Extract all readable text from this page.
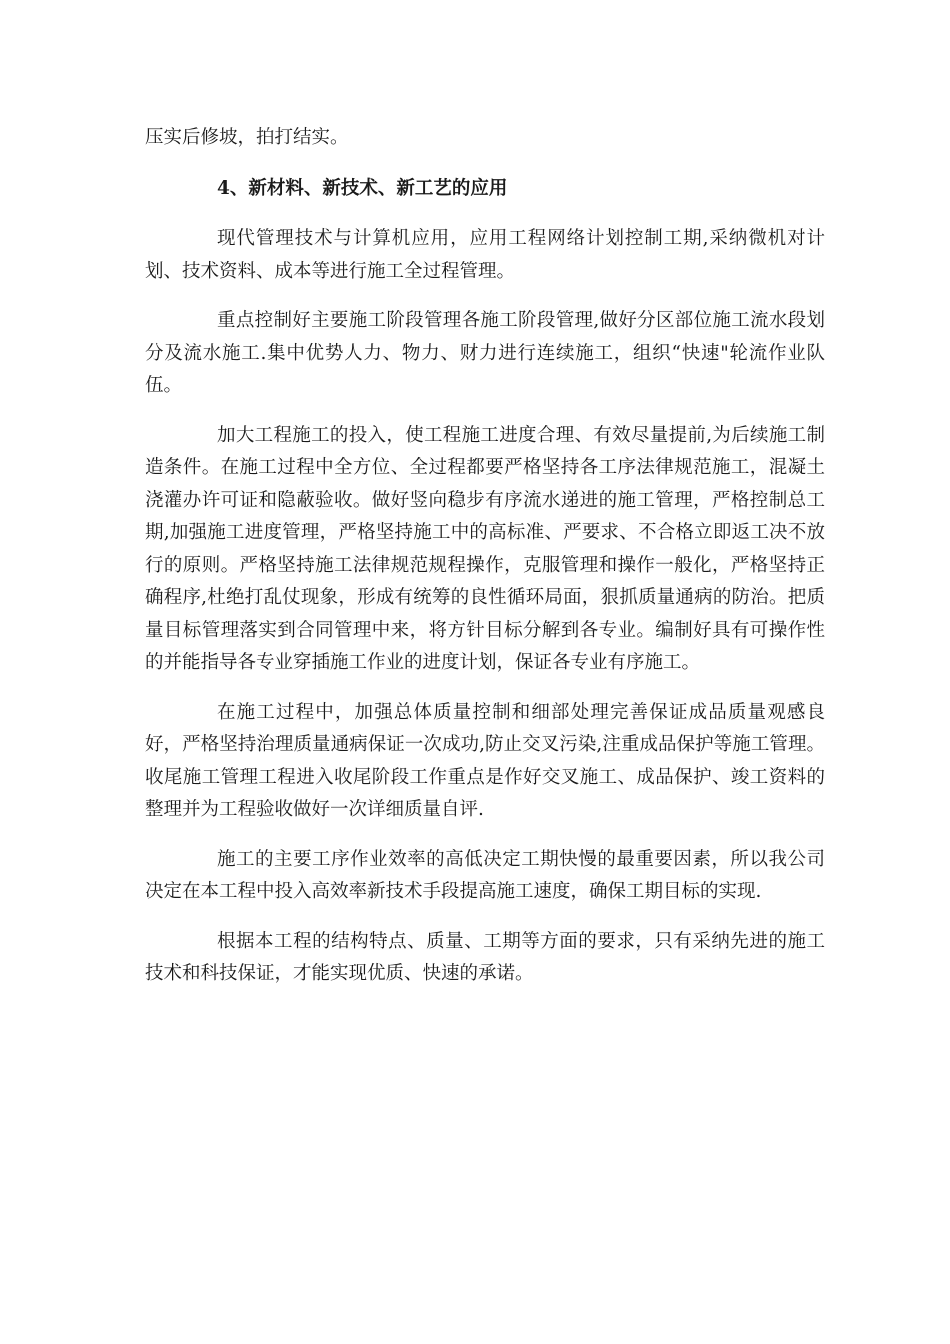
压实后修坡，拍打结实。

4、新材料、新技术、新工艺的应用

现代管理技术与计算机应用，应用工程网络计划控制工期,采纳微机对计划、技术资料、成本等进行施工全过程管理。

重点控制好主要施工阶段管理各施工阶段管理,做好分区部位施工流水段划分及流水施工.集中优势人力、物力、财力进行连续施工，组织“快速"轮流作业队伍。

加大工程施工的投入，使工程施工进度合理、有效尽量提前,为后续施工制造条件。在施工过程中全方位、全过程都要严格坚持各工序法律规范施工，混凝土浇灌办许可证和隐蔽验收。做好竖向稳步有序流水递进的施工管理，严格控制总工期,加强施工进度管理，严格坚持施工中的高标准、严要求、不合格立即返工决不放行的原则。严格坚持施工法律规范规程操作，克服管理和操作一般化，严格坚持正确程序,杜绝打乱仗现象，形成有统筹的良性循环局面，狠抓质量通病的防治。把质量目标管理落实到合同管理中来，将方针目标分解到各专业。编制好具有可操作性的并能指导各专业穿插施工作业的进度计划，保证各专业有序施工。

在施工过程中，加强总体质量控制和细部处理完善保证成品质量观感良好，严格坚持治理质量通病保证一次成功,防止交叉污染,注重成品保护等施工管理。收尾施工管理工程进入收尾阶段工作重点是作好交叉施工、成品保护、竣工资料的整理并为工程验收做好一次详细质量自评.

施工的主要工序作业效率的高低决定工期快慢的最重要因素，所以我公司决定在本工程中投入高效率新技术手段提高施工速度，确保工期目标的实现.

根据本工程的结构特点、质量、工期等方面的要求，只有采纳先进的施工技术和科技保证，才能实现优质、快速的承诺。
